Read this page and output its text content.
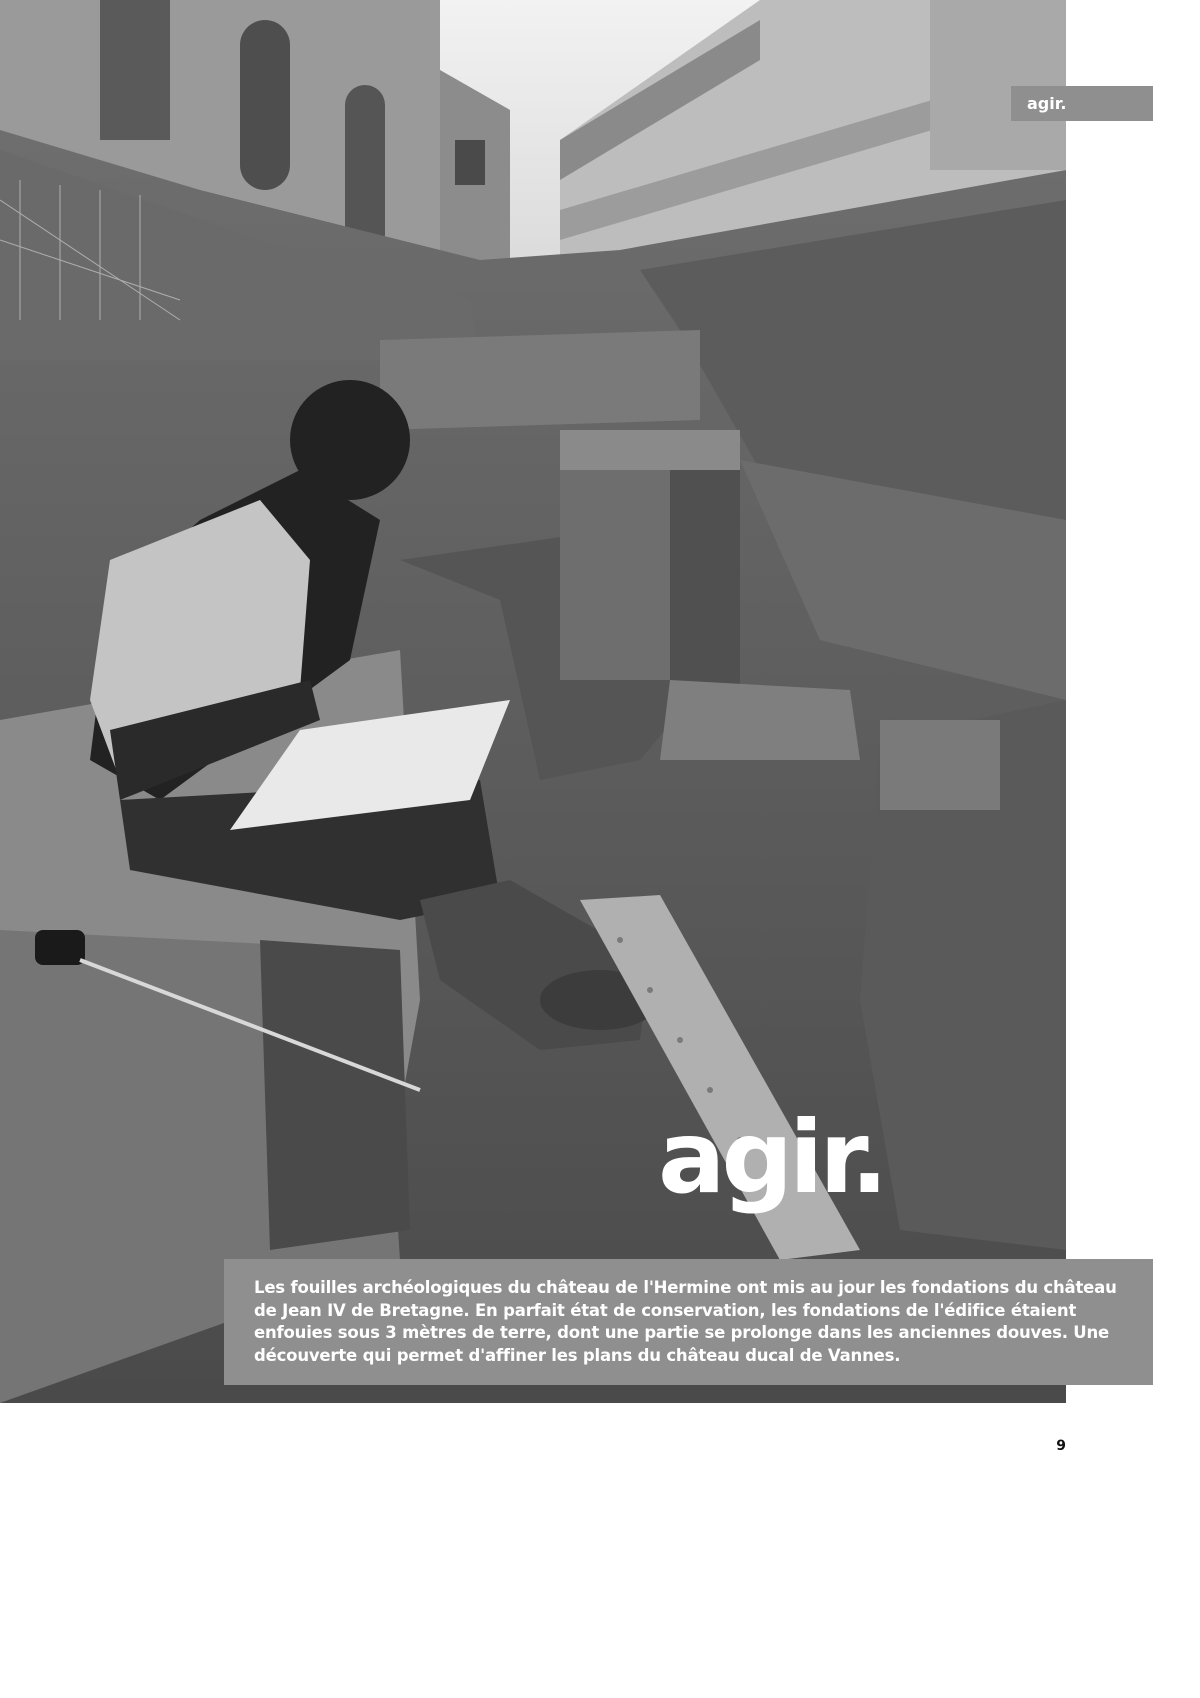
agir.
agir.

Les fouilles archéologiques du château de l'Hermine ont mis au jour les fondations du château de Jean IV de Bretagne. En parfait état de conservation, les fondations de l'édifice étaient enfouies sous 3 mètres de terre, dont une partie se prolonge dans les anciennes douves. Une découverte qui permet d'affiner les plans du château ducal de Vannes.

9
